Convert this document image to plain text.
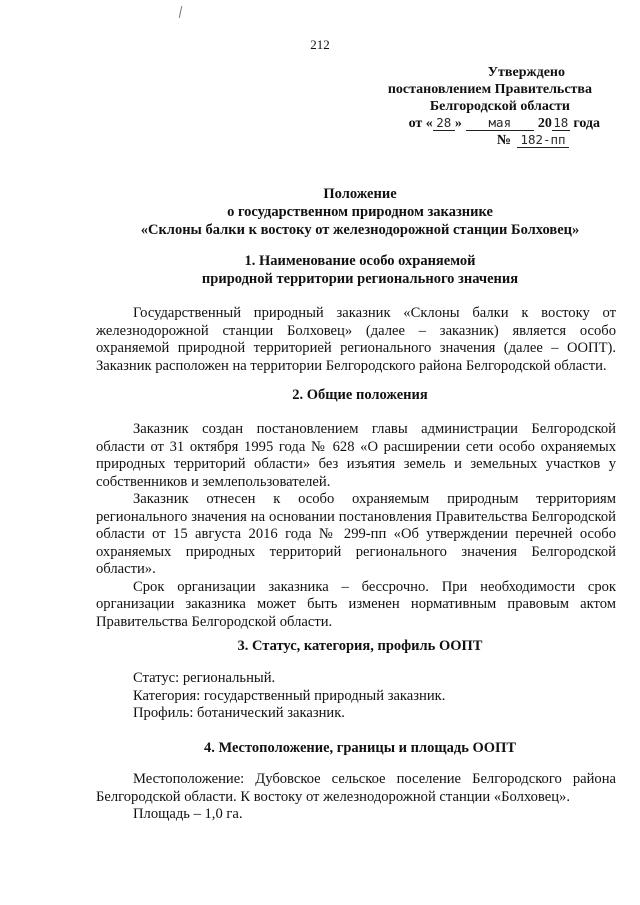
212
Утверждено
постановлением Правительства
Белгородской области
от « 28 » мая 2018 года
№ 182-пп
Положение
о государственном природном заказнике
«Склоны балки к востоку от железнодорожной станции Болховец»
1. Наименование особо охраняемой
природной территории регионального значения

Государственный природный заказник «Склоны балки к востоку от железнодорожной станции Болховец» (далее – заказник) является особо охраняемой природной территорией регионального значения (далее – ООПТ). Заказник расположен на территории Белгородского района Белгородской области.

2. Общие положения

Заказник создан постановлением главы администрации Белгородской области от 31 октября 1995 года № 628 «О расширении сети особо охраняемых природных территорий области» без изъятия земель и земельных участков у собственников и землепользователей.

Заказник отнесен к особо охраняемым природным территориям регионального значения на основании постановления Правительства Белгородской области от 15 августа 2016 года № 299-пп «Об утверждении перечней особо охраняемых природных территорий регионального значения Белгородской области».

Срок организации заказника – бессрочно. При необходимости срок организации заказника может быть изменен нормативным правовым актом Правительства Белгородской области.

3. Статус, категория, профиль ООПТ

Статус: региональный.

Категория: государственный природный заказник.

Профиль: ботанический заказник.

4. Местоположение, границы и площадь ООПТ

Местоположение: Дубовское сельское поселение Белгородского района Белгородской области. К востоку от железнодорожной станции «Болховец».

Площадь – 1,0 га.
